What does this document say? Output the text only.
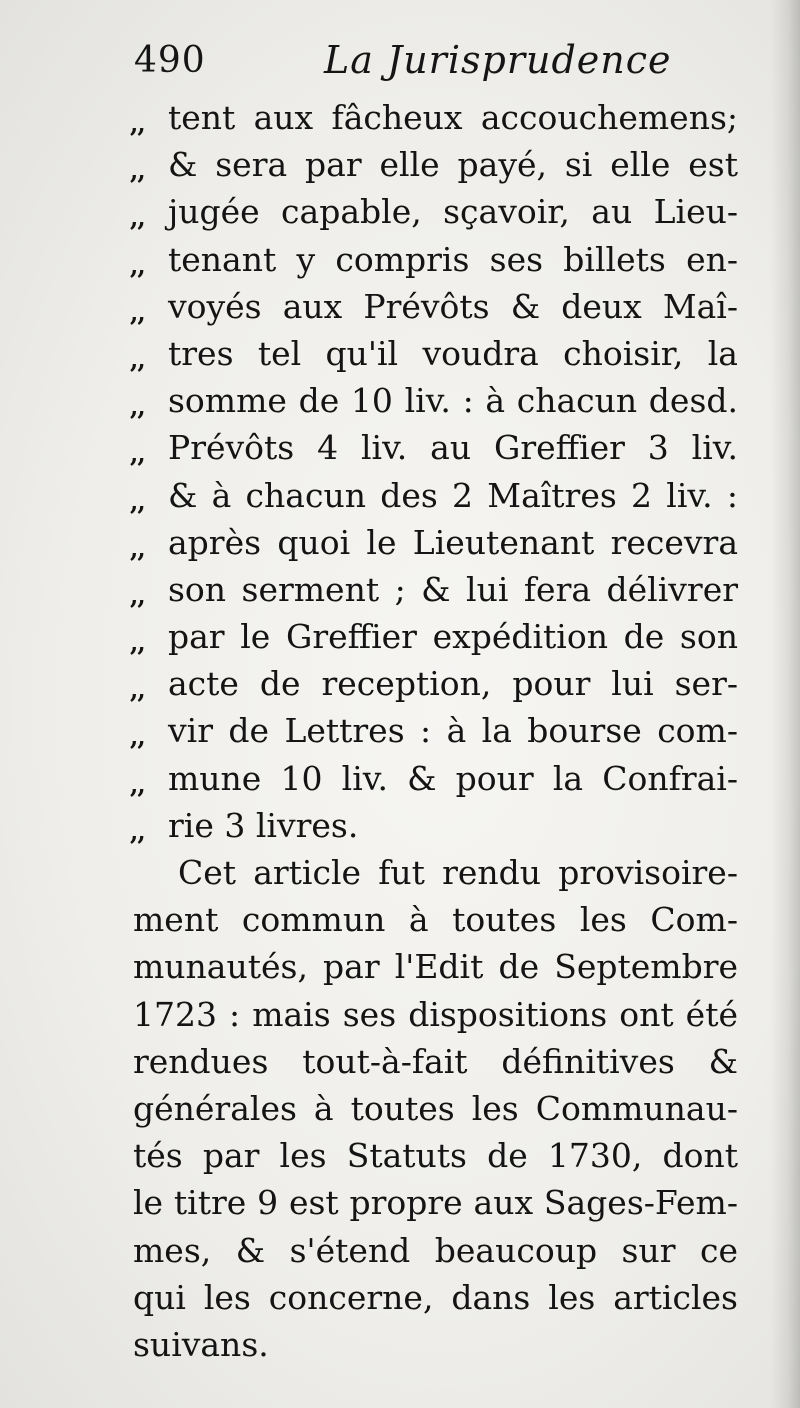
490	La Jurisprudence
,, tent aux fâcheux accouchemens;
,, & sera par elle payé, si elle est
,, jugée capable, sçavoir, au Lieu-
,, tenant y compris ses billets en-
,, voyés aux Prévôts & deux Maî-
,, tres tel qu'il voudra choisir, la
,, somme de 10 liv. : à chacun desd.
,, Prévôts 4 liv. au Greffier 3 liv.
,, & à chacun des 2 Maîtres 2 liv. :
,, après quoi le Lieutenant recevra
,, son serment ; & lui fera délivrer
,, par le Greffier expédition de son
,, acte de reception, pour lui ser-
,, vir de Lettres : à la bourse com-
,, mune 10 liv. & pour la Confrai-
,, rie 3 livres.
Cet article fut rendu provisoire-
ment commun à toutes les Com-
munautés, par l'Edit de Septembre
1723 : mais ses dispositions ont été
rendues tout-à-fait définitives &
générales à toutes les Communau-
tés par les Statuts de 1730, dont
le titre 9 est propre aux Sages-Fem-
mes, & s'étend beaucoup sur ce
qui les concerne, dans les articles
suivans.
